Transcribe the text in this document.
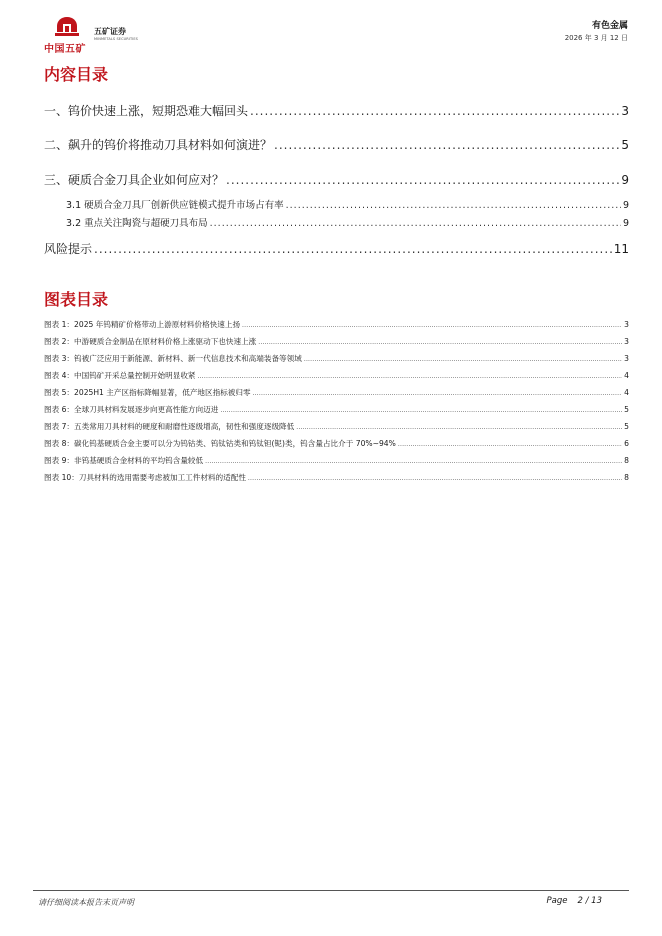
中国五矿
五矿证券
MINMETALS SECURITIES
有色金属
2026 年 3 月 12 日
内容目录
一、钨价快速上涨，短期恐难大幅回头 .....	3
二、飙升的钨价将推动刀具材料如何演进？ .....	5
三、硬质合金刀具企业如何应对？ .....	9
3.1 硬质合金刀具厂创新供应链模式提升市场占有率 .....	9
3.2 重点关注陶瓷与超硬刀具布局 .....	9
风险提示 .....	11
图表目录
图表 1：2025 年钨精矿价格带动上游原材料价格快速上扬 .....	3
图表 2：中游硬质合金制品在原材料价格上涨驱动下也快速上涨 .....	3
图表 3：钨被广泛应用于新能源、新材料、新一代信息技术和高端装备等领域 .....	3
图表 4：中国钨矿开采总量控制开始明显收紧 .....	4
图表 5：2025H1 主产区指标降幅显著，低产地区指标被归零 .....	4
图表 6：全球刀具材料发展逐步向更高性能方向迈进 .....	5
图表 7：五类常用刀具材料的硬度和耐磨性逐级增高，韧性和强度逐级降低 .....	5
图表 8：碳化钨基硬质合金主要可以分为钨钴类、钨钛钴类和钨钛钽(铌)类，钨含量占比介于 70%~94% .....	6
图表 9：非钨基硬质合金材料的平均钨含量较低 .....	8
图表 10：刀具材料的选用需要考虑被加工工件材料的适配性 .....	8
请仔细阅读本报告末页声明	Page 2 / 13
